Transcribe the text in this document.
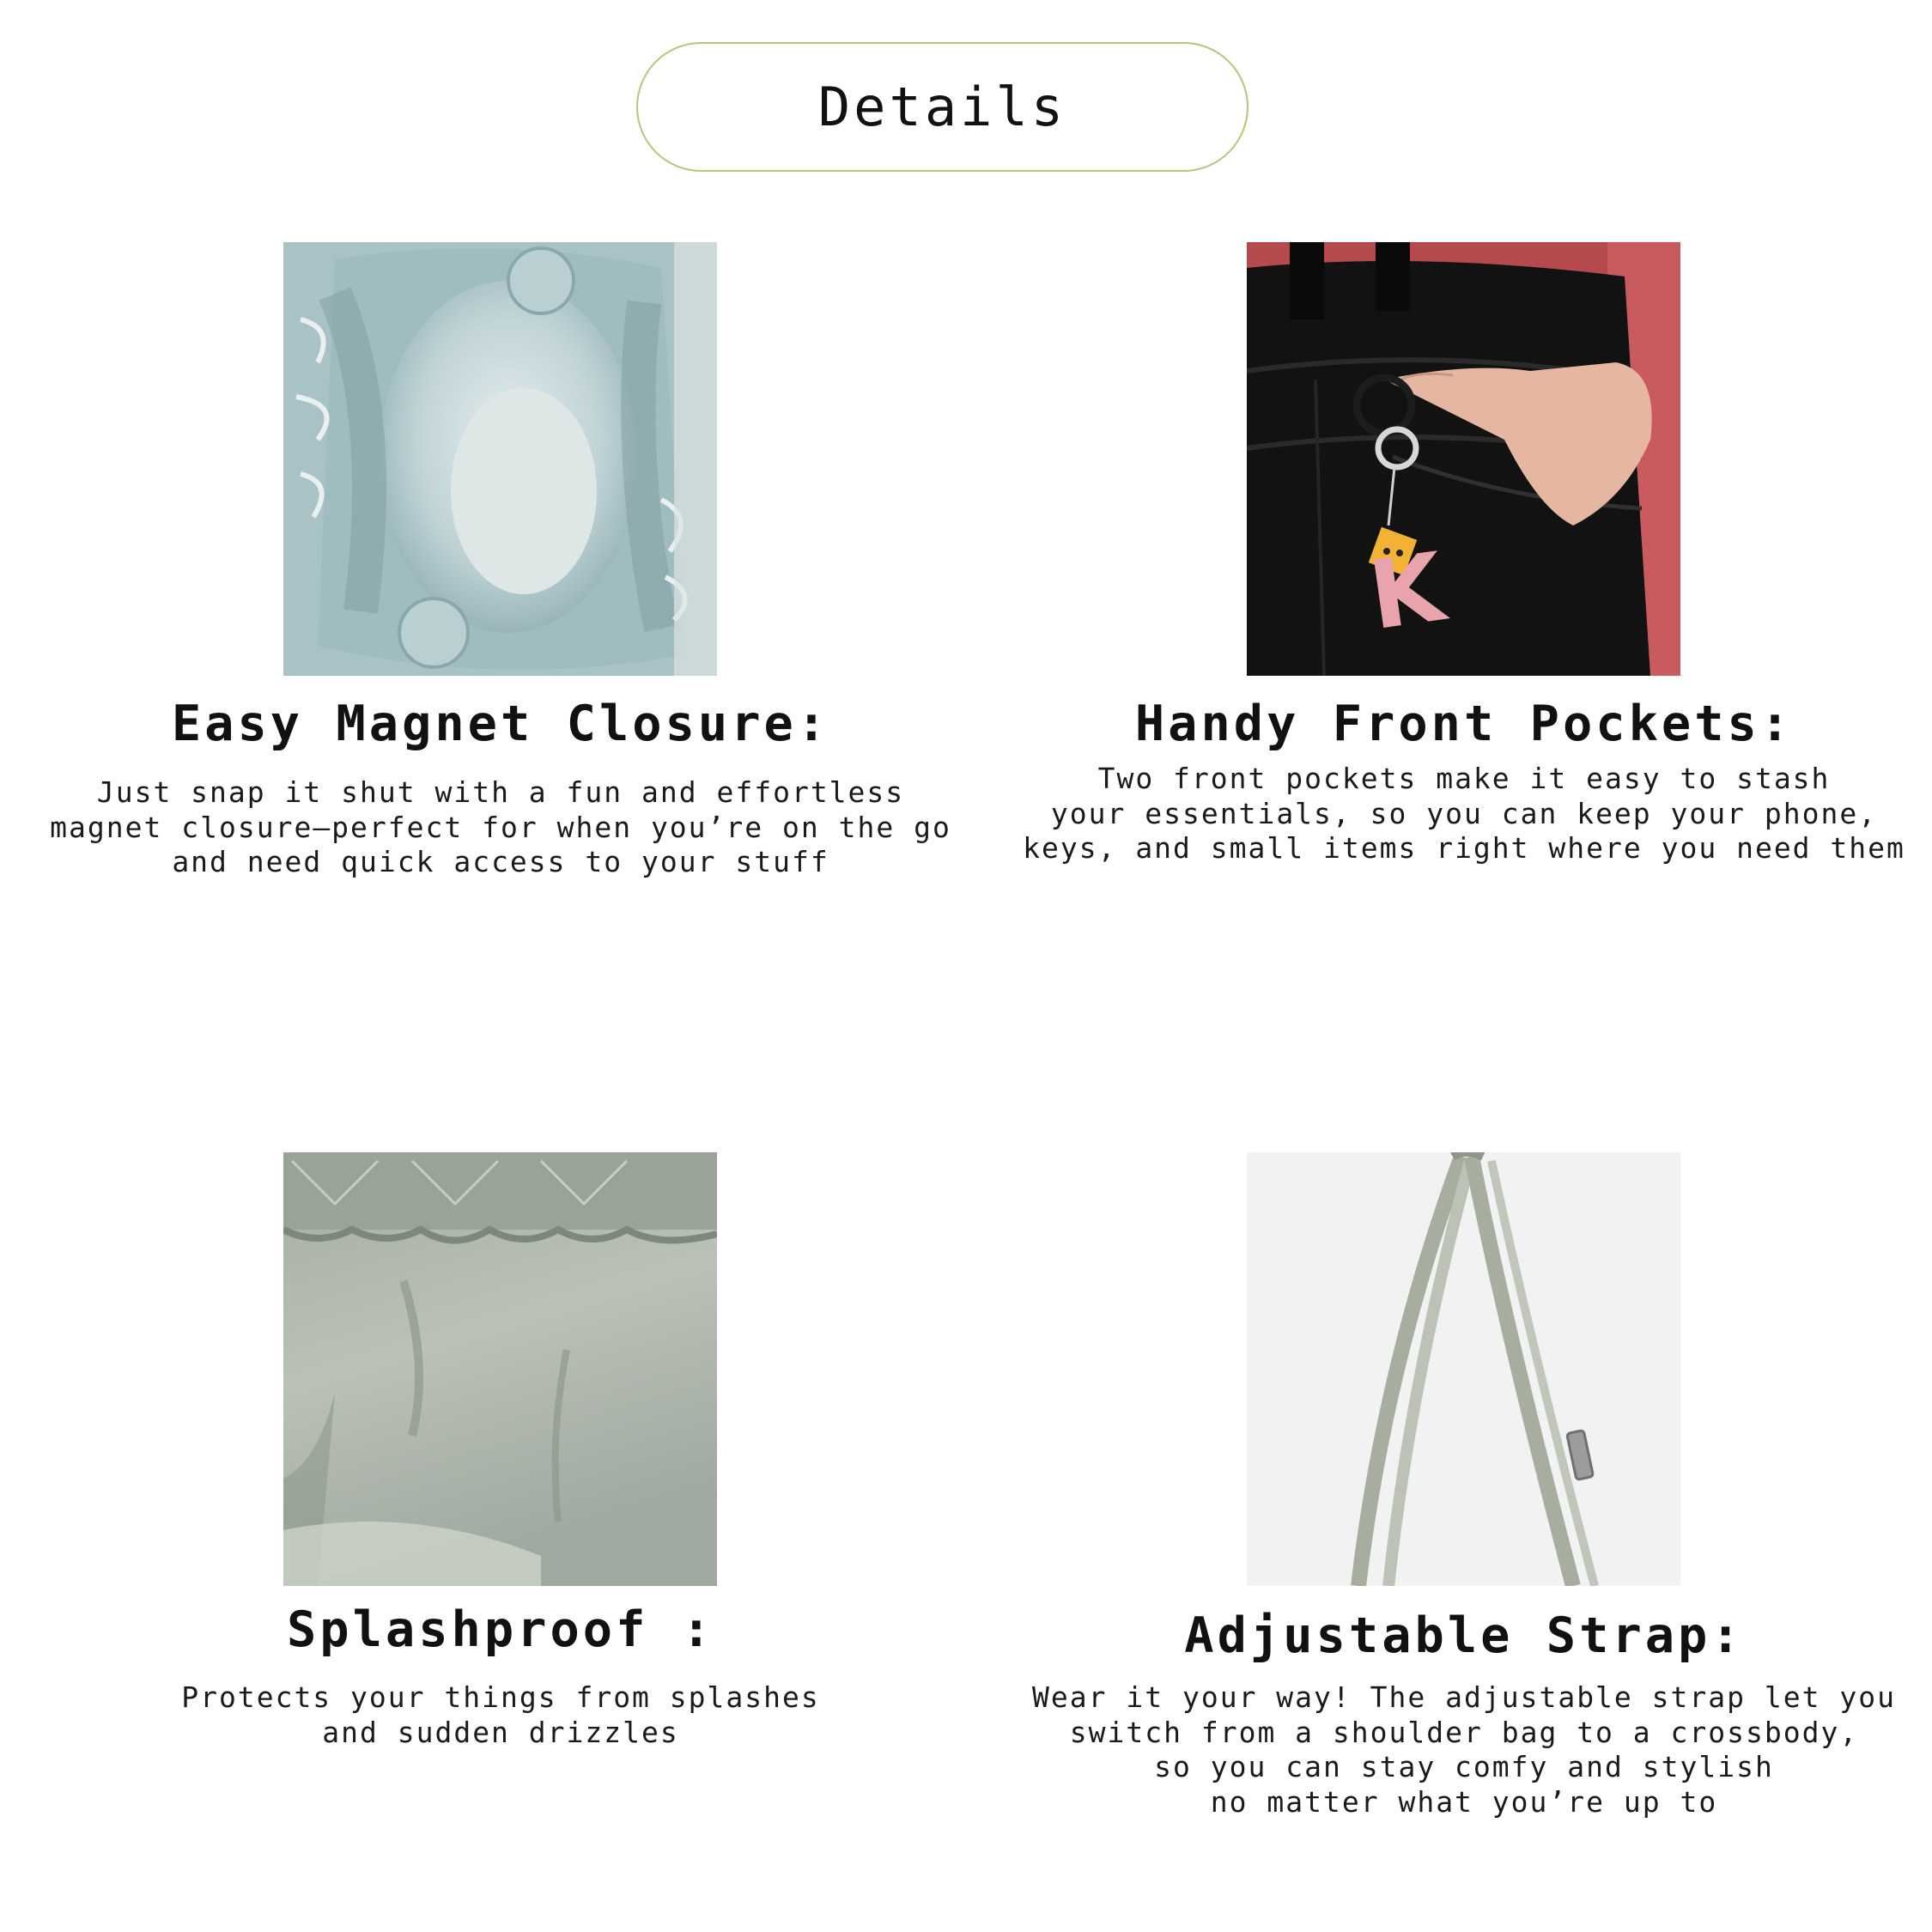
Details
Easy Magnet Closure:
Just snap it shut with a fun and effortless
magnet closure—perfect for when you’re on the go
and need quick access to your stuff
K
Handy Front Pockets:
Two front pockets make it easy to stash
your essentials, so you can keep your phone,
keys, and small items right where you need them
Splashproof :
Protects your things from splashes
and sudden drizzles
Adjustable Strap:
Wear it your way! The adjustable strap let you
switch from a shoulder bag to a crossbody,
so you can stay comfy and stylish
no matter what you’re up to
